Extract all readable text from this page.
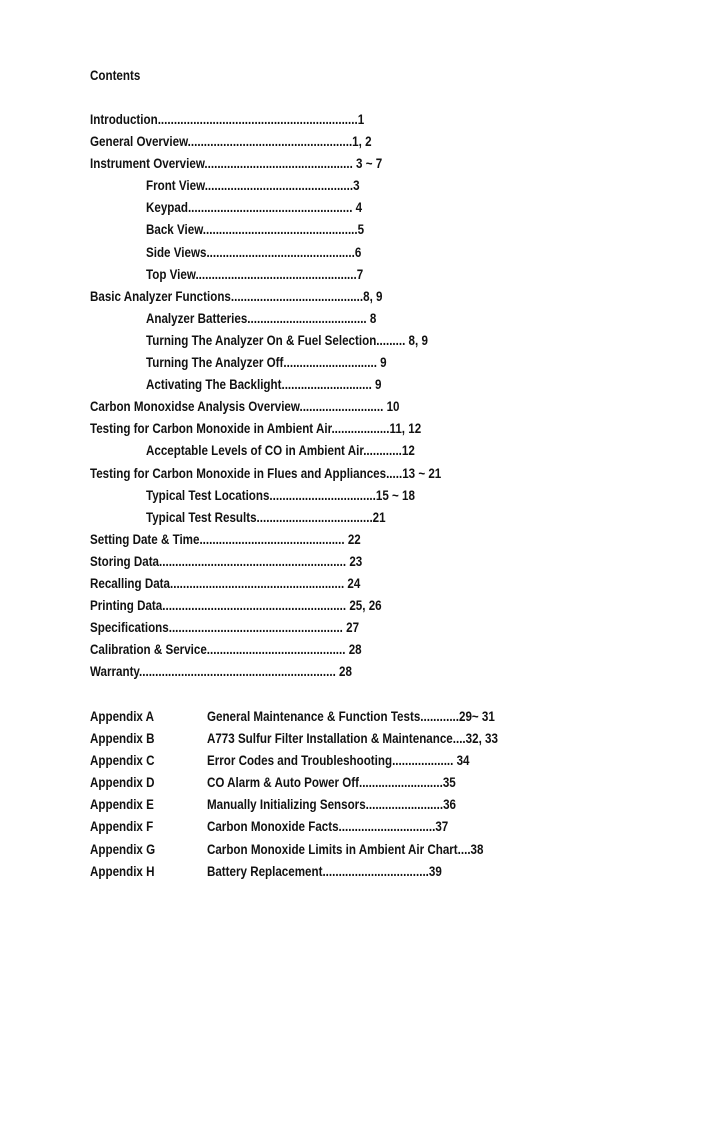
Contents
Introduction..............................................................1
General Overview...................................................1, 2
Instrument Overview.............................................. 3 ~ 7
Front View..............................................3
Keypad................................................... 4
Back View................................................5
Side Views..............................................6
Top View..................................................7
Basic Analyzer Functions.........................................8, 9
Analyzer Batteries..................................... 8
Turning The Analyzer On & Fuel Selection......... 8, 9
Turning The Analyzer Off............................. 9
Activating The Backlight............................ 9
Carbon Monoxidse Analysis Overview.......................... 10
Testing for Carbon Monoxide in Ambient Air..................11, 12
Acceptable Levels of CO in Ambient Air............12
Testing for Carbon Monoxide in Flues and Appliances.....13 ~ 21
Typical Test Locations.................................15 ~ 18
Typical Test Results....................................21
Setting Date & Time............................................. 22
Storing Data.......................................................... 23
Recalling Data...................................................... 24
Printing Data......................................................... 25, 26
Specifications...................................................... 27
Calibration & Service........................................... 28
Warranty............................................................. 28
Appendix A	General Maintenance & Function Tests............29~ 31
Appendix B	A773 Sulfur Filter Installation & Maintenance....32, 33
Appendix C	Error Codes and Troubleshooting................... 34
Appendix D	CO Alarm & Auto Power Off..........................35
Appendix E	Manually Initializing Sensors........................36
Appendix F	Carbon Monoxide Facts..............................37
Appendix G	Carbon Monoxide Limits in Ambient Air Chart....38
Appendix H	Battery Replacement.................................39
